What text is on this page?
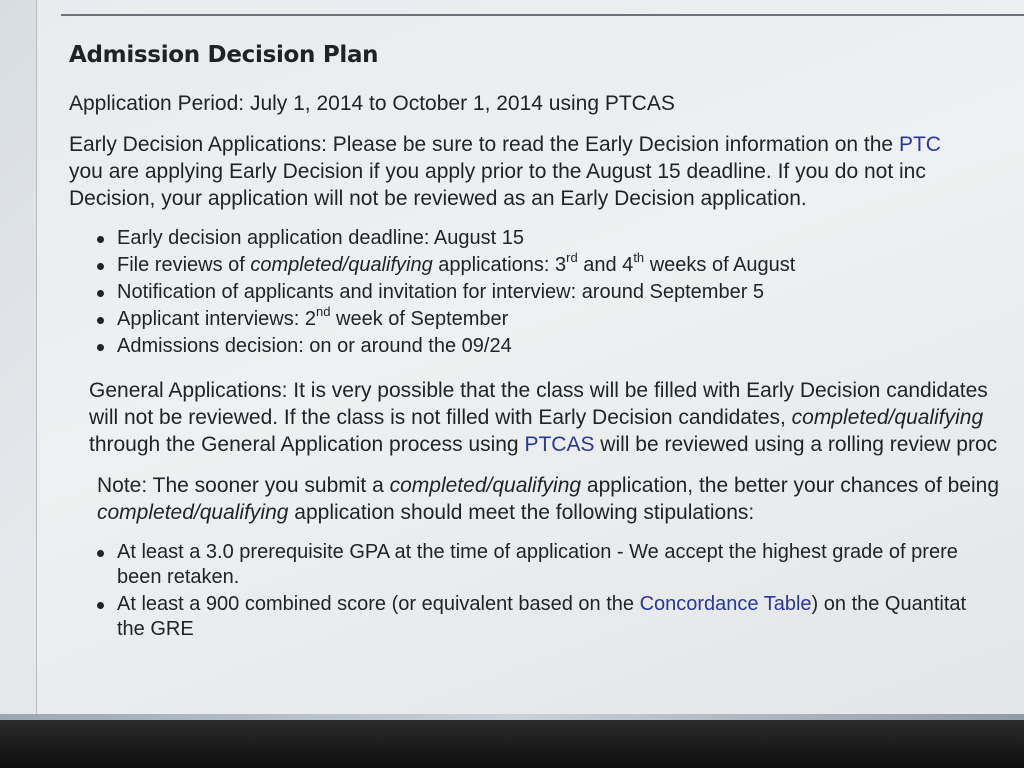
Admission Decision Plan
Application Period: July 1, 2014 to October 1, 2014 using PTCAS
Early Decision Applications: Please be sure to read the Early Decision information on the PTC
you are applying Early Decision if you apply prior to the August 15 deadline. If you do not inc
Decision, your application will not be reviewed as an Early Decision application.
Early decision application deadline: August 15
File reviews of completed/qualifying applications: 3rd and 4th weeks of August
Notification of applicants and invitation for interview: around September 5
Applicant interviews: 2nd week of September
Admissions decision: on or around the 09/24
General Applications: It is very possible that the class will be filled with Early Decision candidates
will not be reviewed. If the class is not filled with Early Decision candidates, completed/qualifying
through the General Application process using PTCAS will be reviewed using a rolling review proc
Note: The sooner you submit a completed/qualifying application, the better your chances of being
completed/qualifying application should meet the following stipulations:
At least a 3.0 prerequisite GPA at the time of application - We accept the highest grade of prere
been retaken.
At least a 900 combined score (or equivalent based on the Concordance Table) on the Quantitat
the GRE
